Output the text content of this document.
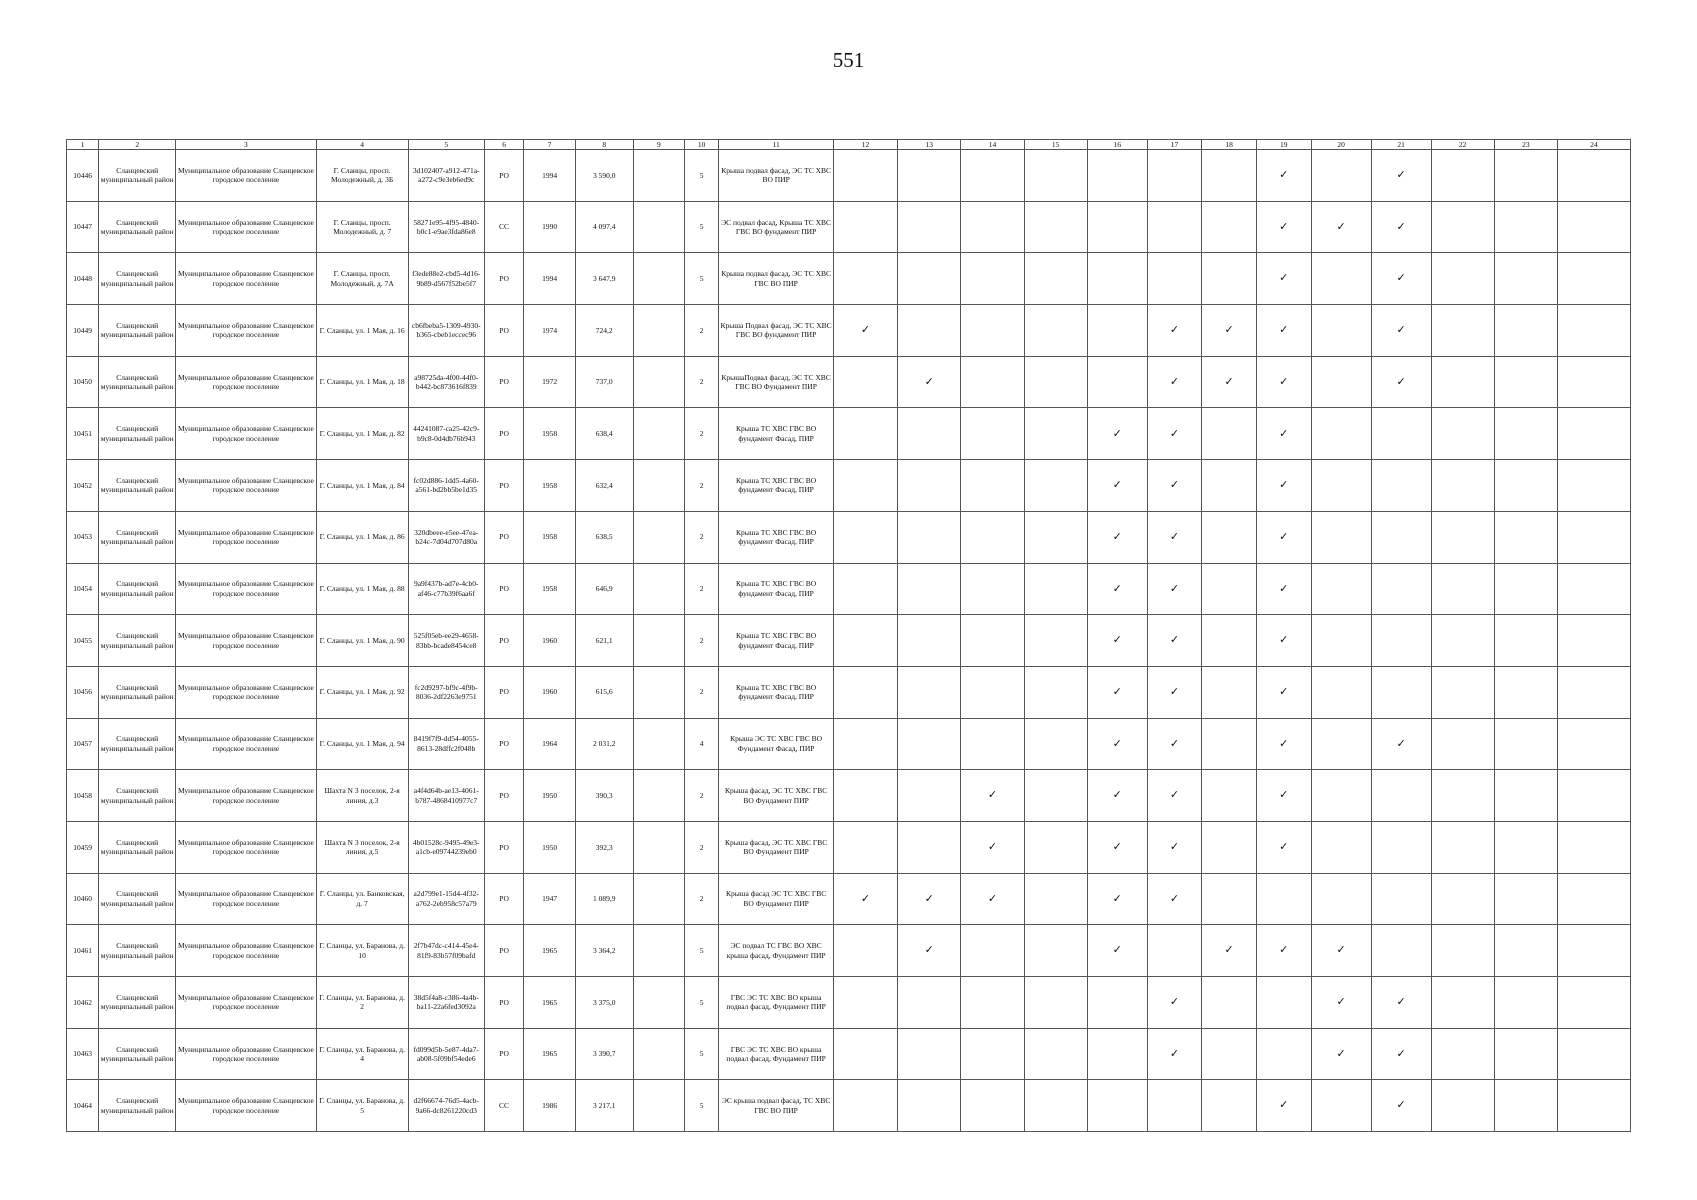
551
1	2	3	4	5	6	7	8	9	10	11	12	13	14	15	16	17	18	19	20	21	22	23	24
10446	Сланцевский муниципальный район	Муниципальное образование Сланцевское городское поселение	Г. Сланцы, просп. Молодежный, д. 3Б	3d102407-a912-471a-a272-c9e3eb6ed9c	РО	1994	3 590,0		5	Крыша подвал фасад, ЭС ТС ХВС ВО ПИР								✓		✓			
10447	Сланцевский муниципальный район	Муниципальное образование Сланцевское городское поселение	Г. Сланцы, просп. Молодежный, д. 7	58271e95-4f95-4840-b0c1-e9ae3fda86e8	СС	1990	4 097,4		5	ЭС подвал фасад, Крыша ТС ХВС ГВС ВО фундамент ПИР								✓	✓	✓			
10448	Сланцевский муниципальный район	Муниципальное образование Сланцевское городское поселение	Г. Сланцы, просп. Молодежный, д. 7А	f3ede88e2-cbd5-4d16-9b89-d567f52be5f7	РО	1994	3 647,9		5	Крыша подвал фасад, ЭС ТС ХВС ГВС ВО ПИР								✓		✓			
10449	Сланцевский муниципальный район	Муниципальное образование Сланцевское городское поселение	Г. Сланцы, ул. 1 Мая, д. 16	cb6fbeba5-1309-4930-b365-cbeb1eccec96	РО	1974	724,2		2	Крыша Подвал фасад, ЭС ТС ХВС ГВС ВО фундамент ПИР	✓					✓	✓	✓		✓			
10450	Сланцевский муниципальный район	Муниципальное образование Сланцевское городское поселение	Г. Сланцы, ул. 1 Мая, д. 18	a98725da-4f00-44f0-b442-bc873616f839	РО	1972	737,0		2	КрышаПодвал фасад, ЭС ТС ХВС ГВС ВО Фундамент ПИР		✓				✓	✓	✓		✓			
10451	Сланцевский муниципальный район	Муниципальное образование Сланцевское городское поселение	Г. Сланцы, ул. 1 Мая, д. 82	44241087-ca25-42c9-b9c8-0d4db76b943	РО	1958	638,4		2	Крыша ТС ХВС ГВС ВО фундамент Фасад, ПИР					✓	✓		✓					
10452	Сланцевский муниципальный район	Муниципальное образование Сланцевское городское поселение	Г. Сланцы, ул. 1 Мая, д. 84	fc02d886-1dd5-4a60-a561-bd2bb5be1d35	РО	1958	632,4		2	Крыша ТС ХВС ГВС ВО фундамент Фасад, ПИР					✓	✓		✓					
10453	Сланцевский муниципальный район	Муниципальное образование Сланцевское городское поселение	Г. Сланцы, ул. 1 Мая, д. 86	320dbeee-e5ee-47ea-b24c-7d04d707d80a	РО	1958	638,5		2	Крыша ТС ХВС ГВС ВО фундамент Фасад, ПИР					✓	✓		✓					
10454	Сланцевский муниципальный район	Муниципальное образование Сланцевское городское поселение	Г. Сланцы, ул. 1 Мая, д. 88	9a9f437b-ad7e-4cb0-af46-c77b39f6aa6f	РО	1958	646,9		2	Крыша ТС ХВС ГВС ВО фундамент Фасад, ПИР					✓	✓		✓					
10455	Сланцевский муниципальный район	Муниципальное образование Сланцевское городское поселение	Г. Сланцы, ул. 1 Мая, д. 90	525f05eb-ee29-4658-83bb-bcade8454ce8	РО	1960	621,1		2	Крыша ТС ХВС ГВС ВО фундамент Фасад, ПИР					✓	✓		✓					
10456	Сланцевский муниципальный район	Муниципальное образование Сланцевское городское поселение	Г. Сланцы, ул. 1 Мая, д. 92	fc2d9297-bf9c-4f9b-8036-2df2263e9751	РО	1960	615,6		2	Крыша ТС ХВС ГВС ВО фундамент Фасад, ПИР					✓	✓		✓					
10457	Сланцевский муниципальный район	Муниципальное образование Сланцевское городское поселение	Г. Сланцы, ул. 1 Мая, д. 94	8419f7f9-dd54-4055-8613-28dffc2f048b	РО	1964	2 031,2		4	Крыша ЭС ТС ХВС ГВС ВО Фундамент Фасад, ПИР					✓	✓		✓		✓			
10458	Сланцевский муниципальный район	Муниципальное образование Сланцевское городское поселение	Шахта N 3 поселок, 2-я линия, д.3	a4f4d64b-ae13-4061-b787-4868410977c7	РО	1950	390,3		2	Крыша фасад, ЭС ТС ХВС ГВС ВО Фундамент ПИР			✓		✓	✓		✓					
10459	Сланцевский муниципальный район	Муниципальное образование Сланцевское городское поселение	Шахта N 3 поселок, 2-я линия, д.5	4b01528c-9495-49e3-a1cb-e09744239eb0	РО	1950	392,3		2	Крыша фасад, ЭС ТС ХВС ГВС ВО Фундамент ПИР			✓		✓	✓		✓					
10460	Сланцевский муниципальный район	Муниципальное образование Сланцевское городское поселение	Г. Сланцы, ул. Банковская, д. 7	a2d799e1-15d4-4f32-a762-2eb958c57a79	РО	1947	1 089,9		2	Крыша фасад ЭС ТС ХВС ГВС ВО Фундамент ПИР	✓	✓	✓		✓	✓							
10461	Сланцевский муниципальный район	Муниципальное образование Сланцевское городское поселение	Г. Сланцы, ул. Баранова, д. 10	2f7b47dc-c414-45e4-81f9-83b57f09bafd	РО	1965	3 364,2		5	ЭС подвал ТС ГВС ВО ХВС крыша фасад, Фундамент ПИР		✓			✓		✓	✓	✓				
10462	Сланцевский муниципальный район	Муниципальное образование Сланцевское городское поселение	Г. Сланцы, ул. Баранова, д. 2	38d5f4a8-c386-4a4b-ba11-22a6fed3092a	РО	1965	3 375,0		5	ГВС ЭС ТС ХВС ВО крыша подвал фасад, Фундамент ПИР						✓			✓	✓			
10463	Сланцевский муниципальный район	Муниципальное образование Сланцевское городское поселение	Г. Сланцы, ул. Баранова, д. 4	fd099d5b-5e87-4da7-ab08-5f09bf54ede6	РО	1965	3 390,7		5	ГВС ЭС ТС ХВС ВО крыша подвал фасад, Фундамент ПИР						✓			✓	✓			
10464	Сланцевский муниципальный район	Муниципальное образование Сланцевское городское поселение	Г. Сланцы, ул. Баранова, д. 5	d2f66674-76d5-4acb-9a66-dc8261220cd3	СС	1986	3 217,1		5	ЭС крыша подвал фасад, ТС ХВС ГВС ВО ПИР								✓		✓			
